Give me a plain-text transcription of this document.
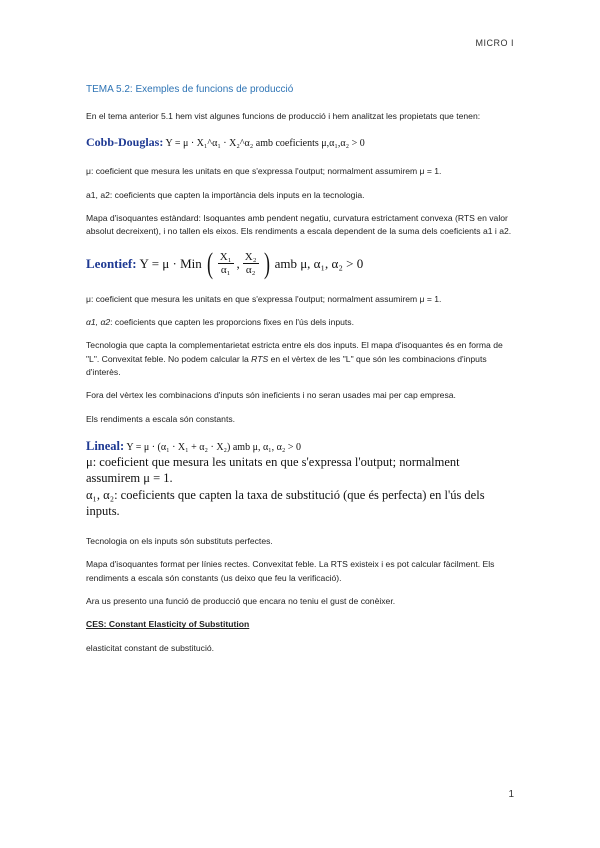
MICRO I
TEMA 5.2: Exemples de funcions de producció

En el tema anterior 5.1 hem vist algunes funcions de producció i hem analitzat les propietats que tenen:

Cobb-Douglas: Y = μ · X₁^α₁ · X₂^α₂ amb coeficients μ,α₁,α₂ > 0

μ: coeficient que mesura les unitats en que s'expressa l'output; normalment assumirem μ = 1.

a1, a2: coeficients que capten la importància dels inputs en la tecnologia.

Mapa d'isoquantes estàndard: Isoquantes amb pendent negatiu, curvatura estrictament convexa (RTS en valor absolut decreixent), i no tallen els eixos. Els rendiments a escala dependent de la suma dels coeficients a1 i a2.

Leontief: Y = μ · Min ( $\frac{\text{X₁}}{\text{α₁}}$ , $\frac{\text{X₂}}{\text{α₂}}$ ) amb μ, α₁, α₂ > 0

μ: coeficient que mesura les unitats en que s'expressa l'output; normalment assumirem μ = 1.

α1, α2: coeficients que capten les proporcions fixes en l'ús dels inputs.

Tecnologia que capta la complementarietat estricta entre els dos inputs. El mapa d'isoquantes és en forma de "L". Convexitat feble. No podem calcular la RTS en el vèrtex de les "L" que són les combinacions d'inputs d'interès.

Fora del vèrtex les combinacions d'inputs són ineficients i no seran usades mai per cap empresa.

Els rendiments a escala són constants.

Lineal: Y = μ · (α₁ · X₁ + α₂ · X₂) amb μ, α₁, α₂ > 0
μ: coeficient que mesura les unitats en que s'expressa l'output; normalment assumirem μ = 1.
α₁, α₂: coeficients que capten la taxa de substitució (que és perfecta) en l'ús dels inputs.

Tecnologia on els inputs són substituts perfectes.

Mapa d'isoquantes format per línies rectes. Convexitat feble. La RTS existeix i es pot calcular fàcilment. Els rendiments a escala són constants (us deixo que feu la verificació).

Ara us presento una funció de producció que encara no teniu el gust de conèixer.

CES: Constant Elasticity of Substitution

elasticitat constant de substitució.

1
